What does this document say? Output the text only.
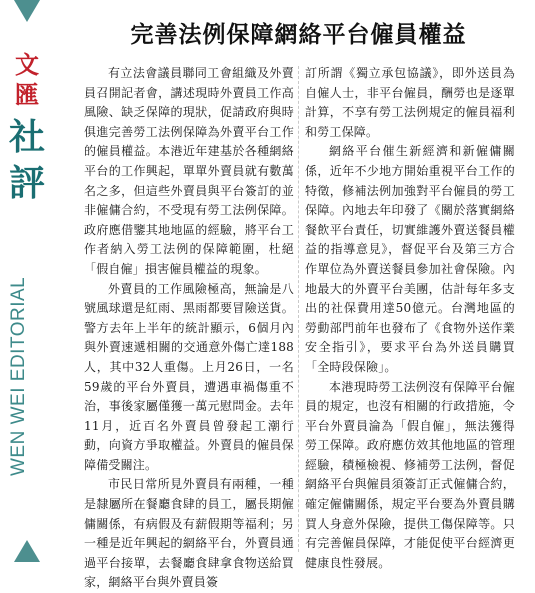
文匯
社評
WEN WEI EDITORIAL
完善法例保障網絡平台僱員權益

有立法會議員聯同工會組織及外賣員召開記者會，講述現時外賣員工作高風險、缺乏保障的現狀，促請政府與時俱進完善勞工法例保障為外賣平台工作的僱員權益。本港近年建基於各種網絡平台的工作興起，單單外賣員就有數萬名之多，但這些外賣員與平台簽訂的並非僱傭合約，不受現有勞工法例保障。政府應借鑒其地地區的經驗，將平台工作者納入勞工法例的保障範圍，杜絕「假自僱」損害僱員權益的現象。

外賣員的工作風險極高，無論是八號風球還是紅雨、黑雨都要冒險送貨。警方去年上半年的統計顯示，6個月內與外賣速遞相關的交通意外傷亡達188人，其中32人重傷。上月26日，一名59歲的平台外賣員，遭遇車禍傷重不治，事後家屬僅獲一萬元慰問金。去年11月，近百名外賣員曾發起工潮行動，向資方爭取權益。外賣員的僱員保障備受關注。

市民日常所見外賣員有兩種，一種是隸屬所在餐廳食肆的員工，屬長期僱傭關係，有病假及有薪假期等福利；另一種是近年興起的網絡平台，外賣員通過平台接單，去餐廳食肆拿食物送給買家，網絡平台與外賣員簽

訂所謂《獨立承包協議》，即外送員為自僱人士，非平台僱員，酬勞也是逐單計算，不享有勞工法例規定的僱員福利和勞工保障。

網絡平台催生新經濟和新僱傭關係，近年不少地方開始重視平台工作的特徵，修補法例加強對平台僱員的勞工保障。內地去年印發了《關於落實網絡餐飲平台責任，切實維護外賣送餐員權益的指導意見》，督促平台及第三方合作單位為外賣送餐員參加社會保險。內地最大的外賣平台美團，估計每年多支出的社保費用達50億元。台灣地區的勞動部門前年也發布了《食物外送作業安全指引》，要求平台為外送員購買「全時段保險」。

本港現時勞工法例沒有保障平台僱員的規定，也沒有相關的行政措施，令平台外賣員淪為「假自僱」，無法獲得勞工保障。政府應仿效其他地區的管理經驗，積極檢視、修補勞工法例，督促網絡平台與僱員須簽訂正式僱傭合約，確定僱傭關係，規定平台要為外賣員購買人身意外保險，提供工傷保障等。只有完善僱員保障，才能促使平台經濟更健康良性發展。
